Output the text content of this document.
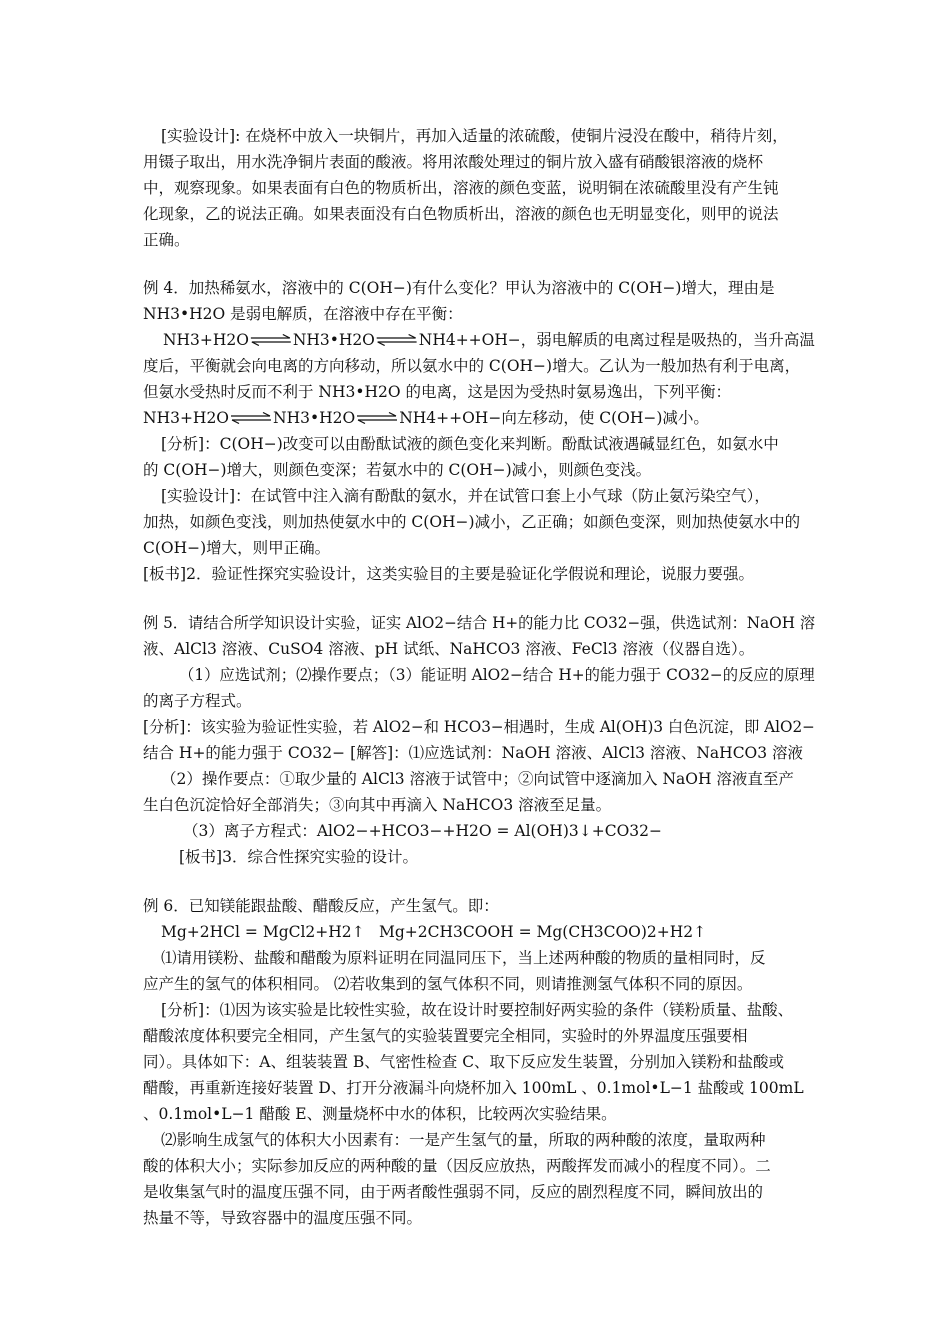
[实验设计]: 在烧杯中放入一块铜片，再加入适量的浓硫酸，使铜片浸没在酸中，稍待片刻，
用镊子取出，用水洗净铜片表面的酸液。将用浓酸处理过的铜片放入盛有硝酸银溶液的烧杯
中，观察现象。如果表面有白色的物质析出，溶液的颜色变蓝，说明铜在浓硫酸里没有产生钝
化现象，乙的说法正确。如果表面没有白色物质析出，溶液的颜色也无明显变化，则甲的说法
正确。
例 4．加热稀氨水，溶液中的 C(OH−)有什么变化？甲认为溶液中的 C(OH−)增大，理由是
NH3•H2O 是弱电解质，在溶液中存在平衡：
NH3+H2O⇌NH3•H2O⇌NH4++OH−，弱电解质的电离过程是吸热的，当升高温
度后，平衡就会向电离的方向移动，所以氨水中的 C(OH−)增大。乙认为一般加热有利于电离，
但氨水受热时反而不利于 NH3•H2O 的电离，这是因为受热时氨易逸出，下列平衡：
NH3+H2O⇌NH3•H2O⇌NH4++OH−向左移动，使 C(OH−)减小。
[分析]：C(OH−)改变可以由酚酞试液的颜色变化来判断。酚酞试液遇碱显红色，如氨水中
的 C(OH−)增大，则颜色变深；若氨水中的 C(OH−)减小，则颜色变浅。
[实验设计]：在试管中注入滴有酚酞的氨水，并在试管口套上小气球（防止氨污染空气），
加热，如颜色变浅，则加热使氨水中的 C(OH−)减小，乙正确；如颜色变深，则加热使氨水中的
C(OH−)增大，则甲正确。
[板书]2．验证性探究实验设计，这类实验目的主要是验证化学假说和理论，说服力要强。
例 5．请结合所学知识设计实验，证实 AlO2−结合 H+的能力比 CO32−强，供选试剂：NaOH 溶
液、AlCl3 溶液、CuSO4 溶液、pH 试纸、NaHCO3 溶液、FeCl3 溶液（仪器自选）。
（1）应选试剂；⑵操作要点；（3）能证明 AlO2−结合 H+的能力强于 CO32−的反应的原理
的离子方程式。
[分析]：该实验为验证性实验，若 AlO2−和 HCO3−相遇时，生成 Al(OH)3 白色沉淀，即 AlO2−
结合 H+的能力强于 CO32− [解答]：⑴应选试剂：NaOH 溶液、AlCl3 溶液、NaHCO3 溶液
（2）操作要点：①取少量的 AlCl3 溶液于试管中；②向试管中逐滴加入 NaOH 溶液直至产
生白色沉淀恰好全部消失；③向其中再滴入 NaHCO3 溶液至足量。
（3）离子方程式：AlO2−+HCO3−+H2O = Al(OH)3↓+CO32−
[板书]3．综合性探究实验的设计。
例 6．已知镁能跟盐酸、醋酸反应，产生氢气。即：
Mg+2HCl = MgCl2+H2↑ Mg+2CH3COOH = Mg(CH3COO)2+H2↑
⑴请用镁粉、盐酸和醋酸为原料证明在同温同压下，当上述两种酸的物质的量相同时，反
应产生的氢气的体积相同。 ⑵若收集到的氢气体积不同，则请推测氢气体积不同的原因。
[分析]：⑴因为该实验是比较性实验，故在设计时要控制好两实验的条件（镁粉质量、盐酸、
醋酸浓度体积要完全相同，产生氢气的实验装置要完全相同，实验时的外界温度压强要相
同）。具体如下：A、组装装置 B、气密性检查 C、取下反应发生装置，分别加入镁粉和盐酸或
醋酸，再重新连接好装置 D、打开分液漏斗向烧杯加入 100mL 、0.1mol•L−1 盐酸或 100mL
、0.1mol•L−1 醋酸 E、测量烧杯中水的体积，比较两次实验结果。
⑵影响生成氢气的体积大小因素有：一是产生氢气的量，所取的两种酸的浓度，量取两种
酸的体积大小；实际参加反应的两种酸的量（因反应放热，两酸挥发而减小的程度不同）。二
是收集氢气时的温度压强不同，由于两者酸性强弱不同，反应的剧烈程度不同，瞬间放出的
热量不等，导致容器中的温度压强不同。
